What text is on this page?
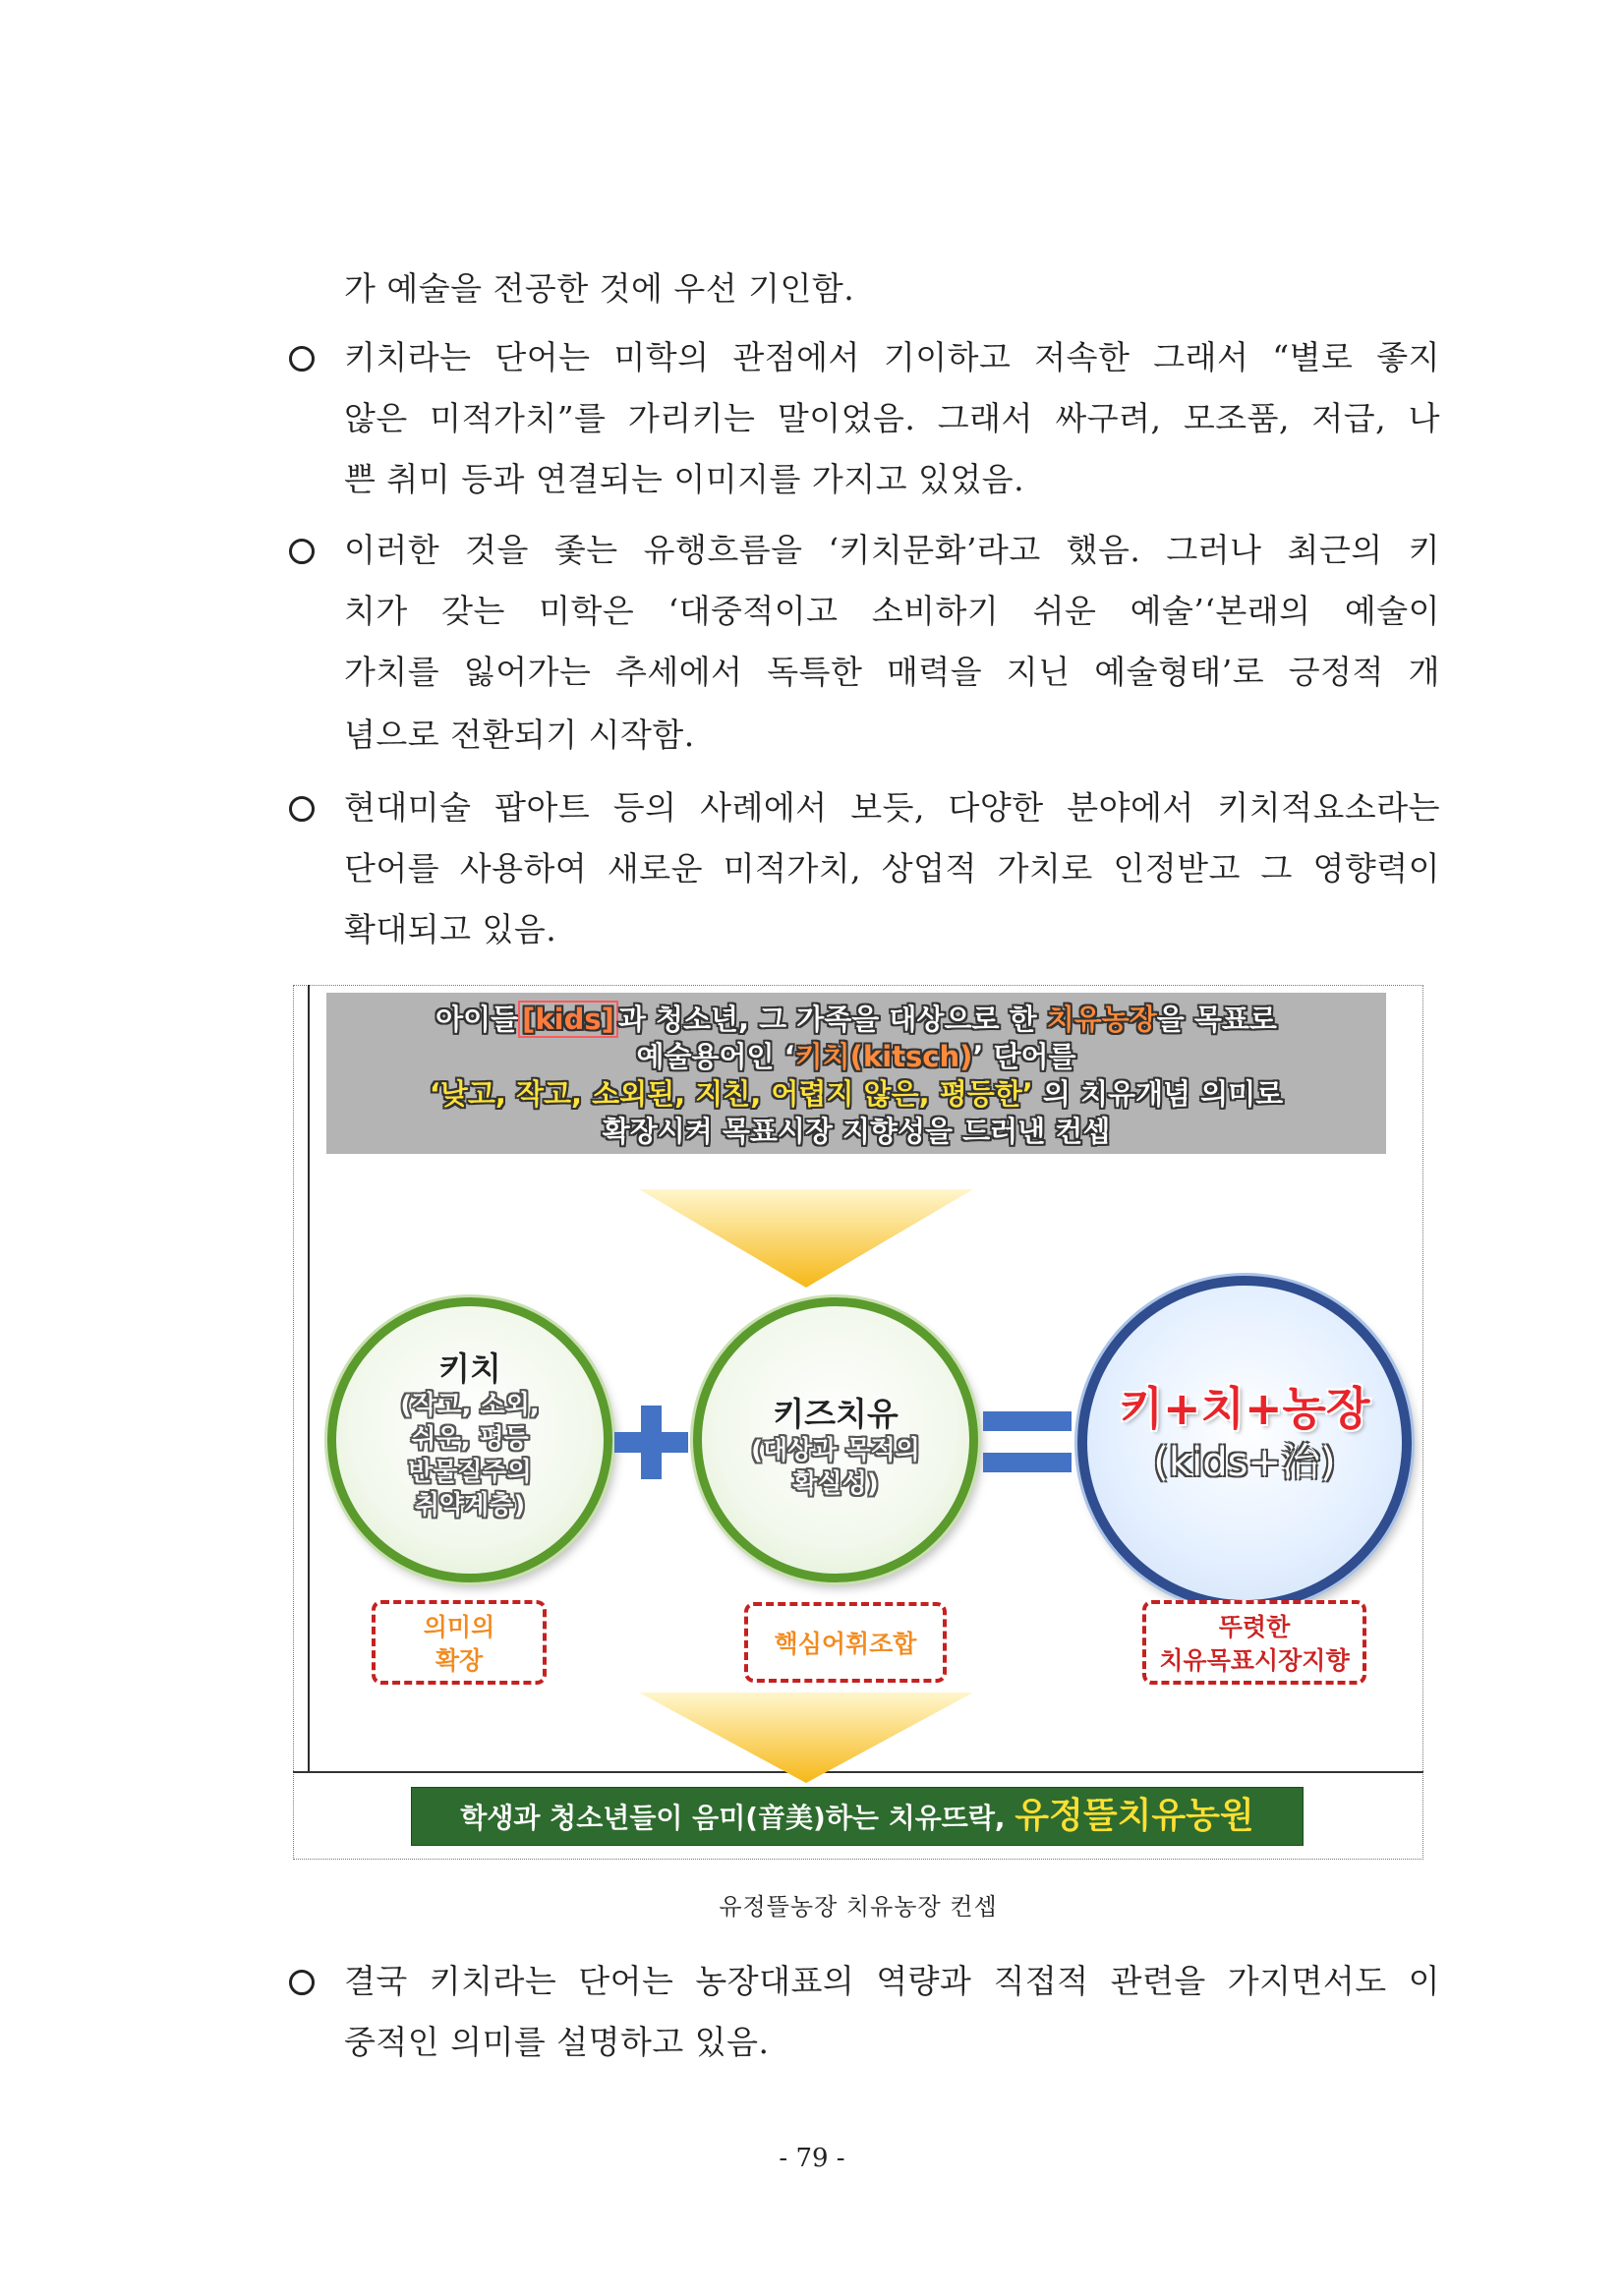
가 예술을 전공한 것에 우선 기인함.
키치라는 단어는 미학의 관점에서 기이하고 저속한 그래서 “별로 좋지
않은 미적가치”를 가리키는 말이었음. 그래서 싸구려, 모조품, 저급, 나
쁜 취미 등과 연결되는 이미지를 가지고 있었음.
이러한 것을 좇는 유행흐름을 ‘키치문화’라고 했음. 그러나 최근의 키
치가 갖는 미학은 ‘대중적이고 소비하기 쉬운 예술’‘본래의 예술이
가치를 잃어가는 추세에서 독특한 매력을 지닌 예술형태’로 긍정적 개
념으로 전환되기 시작함.
현대미술 팝아트 등의 사례에서 보듯, 다양한 분야에서 키치적요소라는
단어를 사용하여 새로운 미적가치, 상업적 가치로 인정받고 그 영향력이
확대되고 있음.
아이들 [kids] 과 청소년, 그 가족을 대상으로 한 치유농장을 목표로
예술용어인 ‘키치(kitsch)’ 단어를
‘낮고, 작고, 소외된, 지친, 어렵지 않은, 평등한’ 의 치유개념 의미로
확장시켜 목표시장 지향성을 드러낸 컨셉
키치
(작고, 소외,
쉬운, 평등
반물질주의
취약계층)
키즈치유
(대상과 목적의
확실성)
키+치+농장
(kids+治)
의미의
확장
핵심어휘조합
뚜렷한
치유목표시장지향
학생과 청소년들이 음미(音美)하는 치유뜨락, 유정뜰치유농원
유정뜰농장 치유농장 컨셉
결국 키치라는 단어는 농장대표의 역량과 직접적 관련을 가지면서도 이
중적인 의미를 설명하고 있음.
- 79 -
